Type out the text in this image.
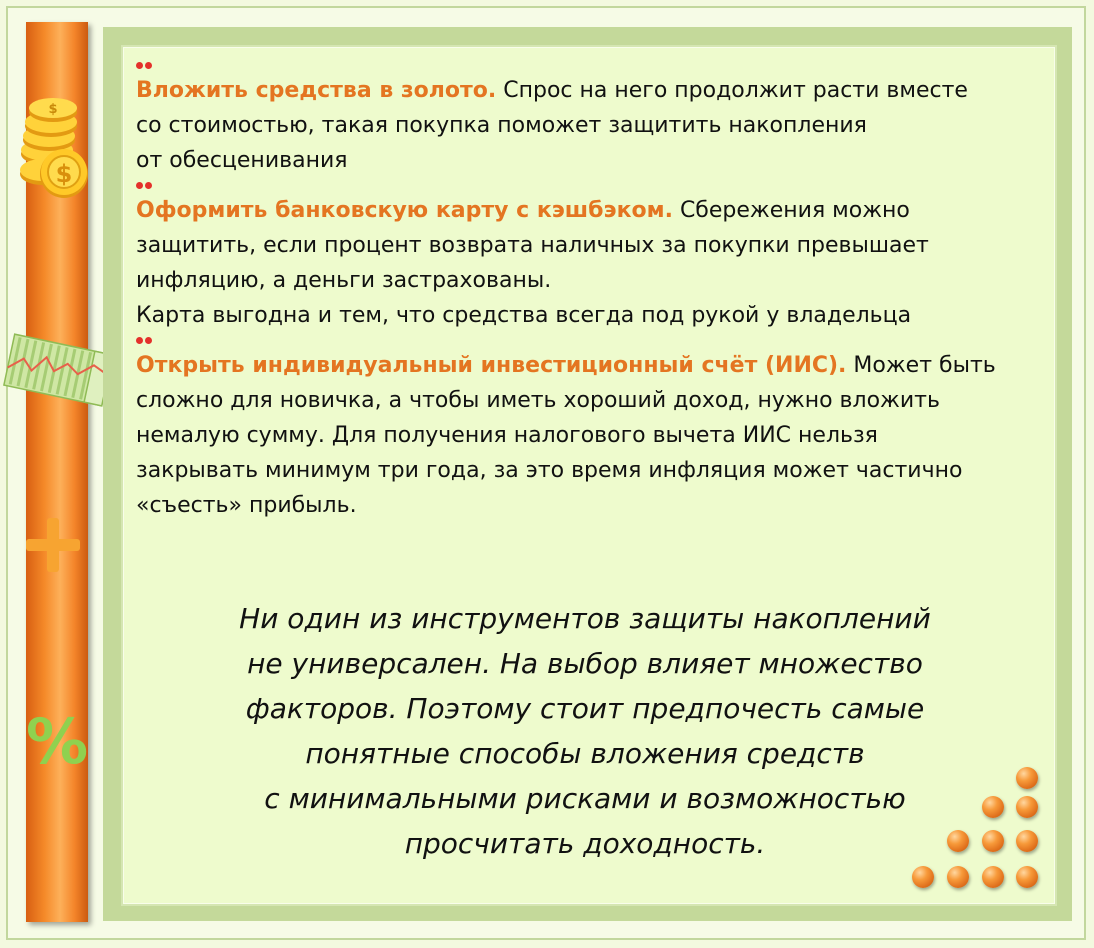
$
$
%

Вложить средства в золото. Спрос на него продолжит расти вместе

со стоимостью, такая покупка поможет защитить накопления

от обесценивания

Оформить банковскую карту с кэшбэком. Сбережения можно

защитить, если процент возврата наличных за покупки превышает

инфляцию, а деньги застрахованы.

Карта выгодна и тем, что средства всегда под рукой у владельца

Открыть индивидуальный инвестиционный счёт (ИИС). Может быть

сложно для новичка, а чтобы иметь хороший доход, нужно вложить

немалую сумму. Для получения налогового вычета ИИС нельзя

закрывать минимум три года, за это время инфляция может частично

«съесть» прибыль.

Ни один из инструментов защиты накоплений
не универсален. На выбор влияет множество
факторов. Поэтому стоит предпочесть самые
понятные способы вложения средств
с минимальными рисками и возможностью
просчитать доходность.
